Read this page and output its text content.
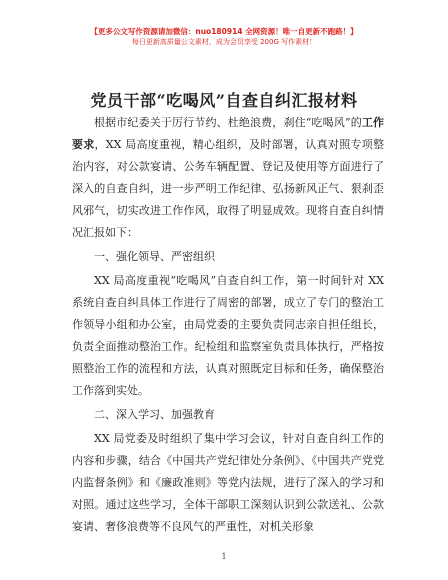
【更多公文写作资源请加微信：nuo180914 全网资源！唯一自更新不跑路！】
每日更新高质量公文素材，成为会员享受 200G 写作素材！
党员干部“吃喝风”自查自纠汇报材料

根据市纪委关于厉行节约、杜绝浪费，刹住“吃喝风”的工作要求，XX 局高度重视，精心组织，及时部署，认真对照专项整治内容，对公款宴请、公务车辆配置、登记及使用等方面进行了深入的自查自纠，进一步严明工作纪律、弘扬新风正气、狠刹歪风邪气，切实改进工作作风，取得了明显成效。现将自查自纠情况汇报如下：

一、强化领导、严密组织

XX 局高度重视“吃喝风”自查自纠工作，第一时间针对 XX 系统自查自纠具体工作进行了周密的部署，成立了专门的整治工作领导小组和办公室，由局党委的主要负责同志亲自担任组长，负责全面推动整治工作。纪检组和监察室负责具体执行，严格按照整治工作的流程和方法，认真对照既定目标和任务，确保整治工作落到实处。

二、深入学习、加强教育

XX 局党委及时组织了集中学习会议，针对自查自纠工作的内容和步骤，结合《中国共产党纪律处分条例》、《中国共产党党内监督条例》和《廉政准则》等党内法规，进行了深入的学习和对照。通过这些学习，全体干部职工深刻认识到公款送礼、公款宴请、奢侈浪费等不良风气的严重性，对机关形象

1
